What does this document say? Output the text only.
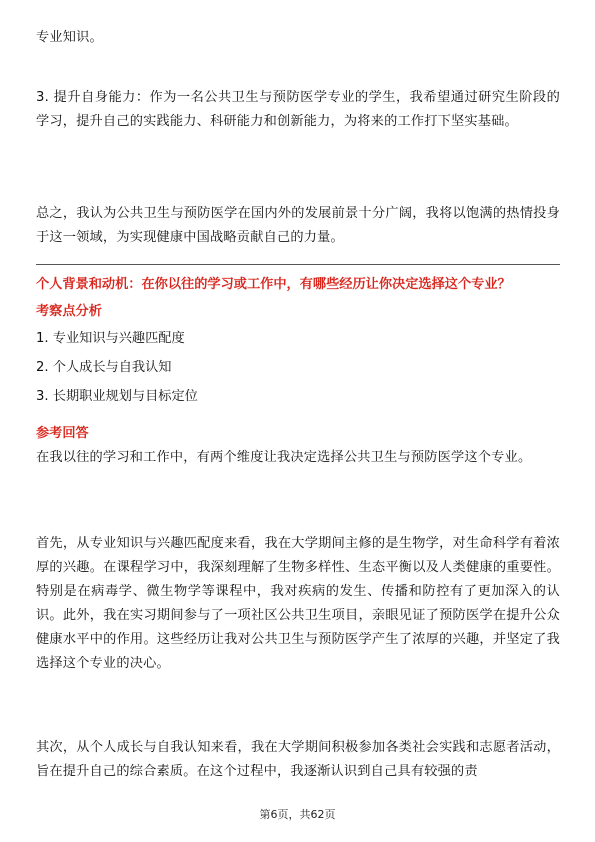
专业知识。

3. 提升自身能力：作为一名公共卫生与预防医学专业的学生，我希望通过研究生阶段的学习，提升自己的实践能力、科研能力和创新能力，为将来的工作打下坚实基础。

总之，我认为公共卫生与预防医学在国内外的发展前景十分广阔，我将以饱满的热情投身于这一领域，为实现健康中国战略贡献自己的力量。

个人背景和动机：在你以往的学习或工作中，有哪些经历让你决定选择这个专业？

考察点分析

1. 专业知识与兴趣匹配度

2. 个人成长与自我认知

3. 长期职业规划与目标定位

参考回答

在我以往的学习和工作中，有两个维度让我决定选择公共卫生与预防医学这个专业。

首先，从专业知识与兴趣匹配度来看，我在大学期间主修的是生物学，对生命科学有着浓厚的兴趣。在课程学习中，我深刻理解了生物多样性、生态平衡以及人类健康的重要性。特别是在病毒学、微生物学等课程中，我对疾病的发生、传播和防控有了更加深入的认识。此外，我在实习期间参与了一项社区公共卫生项目，亲眼见证了预防医学在提升公众健康水平中的作用。这些经历让我对公共卫生与预防医学产生了浓厚的兴趣，并坚定了我选择这个专业的决心。

其次，从个人成长与自我认知来看，我在大学期间积极参加各类社会实践和志愿者活动，旨在提升自己的综合素质。在这个过程中，我逐渐认识到自己具有较强的责

第6页，共62页
